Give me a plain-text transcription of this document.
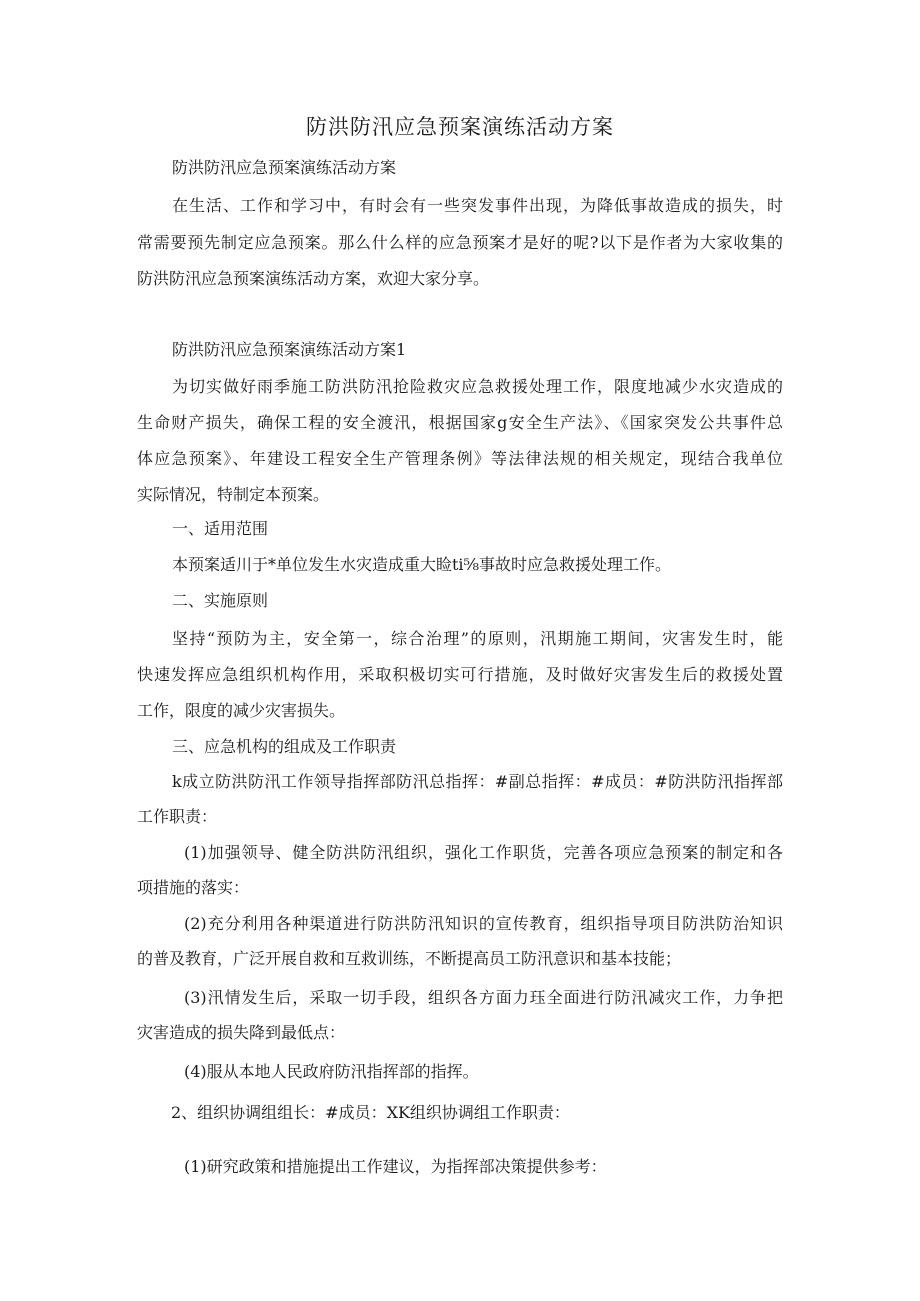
防洪防汛应急预案演练活动方案
防洪防汛应急预案演练活动方案
在生活、工作和学习中，有时会有一些突发事件出现，为降低事故造成的损失，时
常需要预先制定应急预案。那么什么样的应急预案才是好的呢?以下是作者为大家收集的
防洪防汛应急预案演练活动方案，欢迎大家分享。
防洪防汛应急预案演练活动方案1
为切实做好雨季施工防洪防汛抢险救灾应急救援处理工作，限度地减少水灾造成的
生命财产损失，确保工程的安全渡汛，根据国家g安全生产法》、《国家突发公共事件总
体应急预案》、年建设工程安全生产管理条例》等法律法规的相关规定，现结合我单位
实际情况，特制定本预案。
一、适用范围
本预案适川于*单位发生水灾造成重大睑ti⅝事故时应急救援处理工作。
二、实施原则
坚持“预防为主，安全第一，综合治理”的原则，汛期施工期间，灾害发生时，能
快速发挥应急组织机构作用，采取积极切实可行措施，及时做好灾害发生后的救援处置
工作，限度的减少灾害损失。
三、应急机构的组成及工作职责
k成立防洪防汛工作领导指挥部防汛总指挥：#副总指挥：#成员：#防洪防汛指挥部
工作职责：
(1)加强领导、健全防洪防汛组织，强化工作职货，完善各项应急预案的制定和各
项措施的落实：
(2)充分利用各种渠道进行防洪防汛知识的宣传教育，组织指导项目防洪防治知识
的普及教育，广泛开展自救和互救训练，不断提高员工防汛意识和基本技能；
(3)汛情发生后，采取一切手段，组织各方面力珏全面进行防汛减灾工作，力争把
灾害造成的损失降到最低点：
(4)服从本地人民政府防汛指挥部的指挥。
2、组织协调组组长：#成员：XK组织协调组工作职责：
(1)研究政策和措施提出工作建议，为指挥部决策提供参考：
